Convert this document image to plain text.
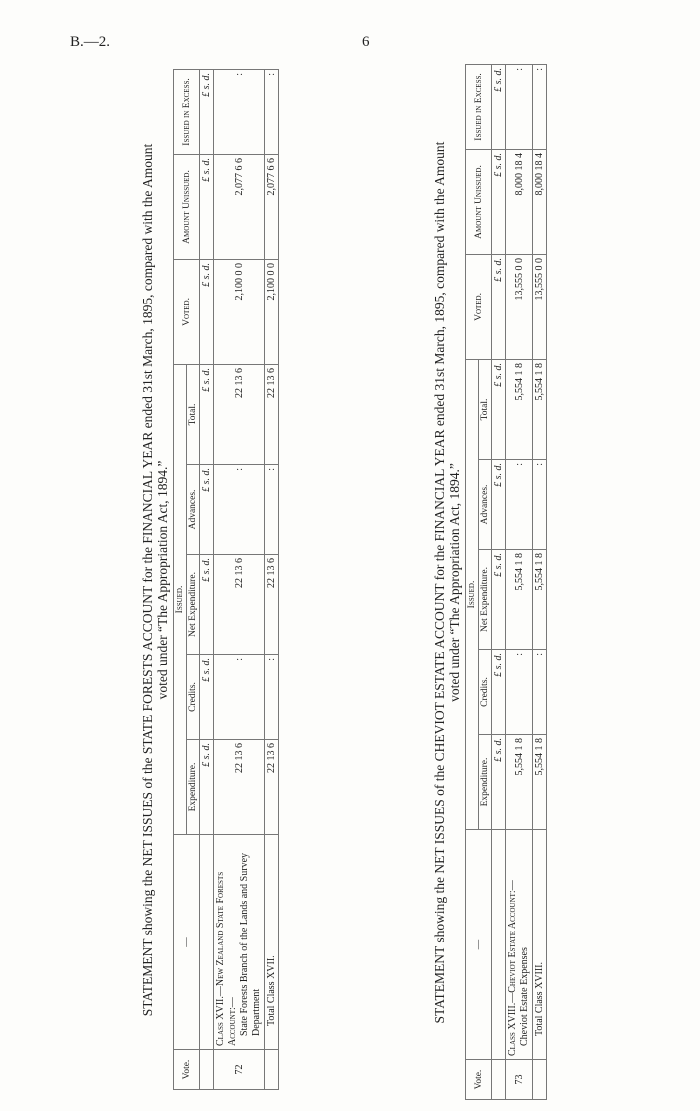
B.—2.	6
STATEMENT showing the NET ISSUES of the STATE FORESTS ACCOUNT for the FINANCIAL YEAR ended 31st March, 1895, compared with the Amount voted under “The Appropriation Act, 1894.”
Vote.	—	Issued.					Voted.	Amount Unissued.	Issued in Excess.
		Expenditure.	Credits.	Net Expenditure.	Advances.	Total.			
		£ s. d.	£ s. d.	£ s. d.	£ s. d.	£ s. d.	£ s. d.	£ s. d.	£ s. d.
72	Class XVII.—New Zealand State Forests Account:— State Forests Branch of the Lands and Survey Department	22 13 6	:	22 13 6	:	22 13 6	2,100 0 0	2,077 6 6	:

	Total Class XVII.	22 13 6	:	22 13 6	:	22 13 6	2,100 0 0	2,077 6 6	:
STATEMENT showing the NET ISSUES of the CHEVIOT ESTATE ACCOUNT for the FINANCIAL YEAR ended 31st March, 1895, compared with the Amount voted under “The Appropriation Act, 1894.”
Vote.	—	Issued.					Voted.	Amount Unissued.	Issued in Excess.
		Expenditure.	Credits.	Net Expenditure.	Advances.	Total.			
		£ s. d.	£ s. d.	£ s. d.	£ s. d.	£ s. d.	£ s. d.	£ s. d.	£ s. d.
73	Class XVIII.—Cheviot Estate Account:— Cheviot Estate Expenses	5,554 1 8	:	5,554 1 8	:	5,554 1 8	13,555 0 0	8,000 18 4	:

	Total Class XVIII.	5,554 1 8	:	5,554 1 8	:	5,554 1 8	13,555 0 0	8,000 18 4	:
